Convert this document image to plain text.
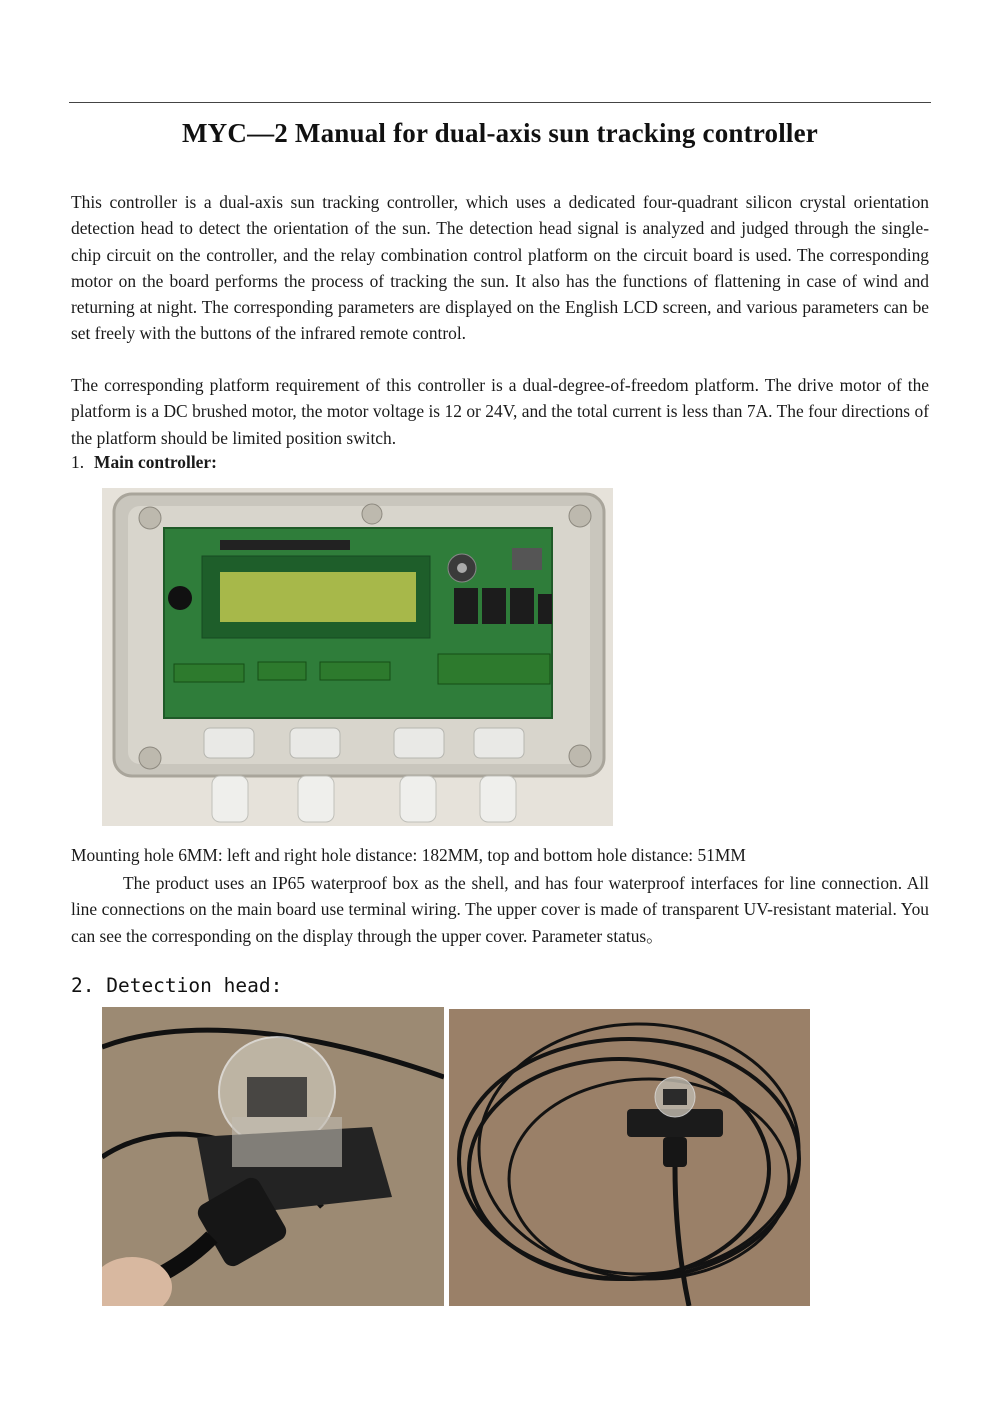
MYC—2 Manual for dual-axis sun tracking controller

This controller is a dual-axis sun tracking controller, which uses a dedicated four-quadrant silicon crystal orientation detection head to detect the orientation of the sun. The detection head signal is analyzed and judged through the single-chip circuit on the controller, and the relay combination control platform on the circuit board is used. The corresponding motor on the board performs the process of tracking the sun. It also has the functions of flattening in case of wind and returning at night. The corresponding parameters are displayed on the English LCD screen, and various parameters can be set freely with the buttons of the infrared remote control.

The corresponding platform requirement of this controller is a dual-degree-of-freedom platform. The drive motor of the platform is a DC brushed motor, the motor voltage is 12 or 24V, and the total current is less than 7A. The four directions of the platform should be limited position switch.

1. Main controller:

Mounting hole 6MM: left and right hole distance: 182MM, top and bottom hole distance: 51MM

The product uses an IP65 waterproof box as the shell, and has four waterproof interfaces for line connection. All line connections on the main board use terminal wiring. The upper cover is made of transparent UV-resistant material. You can see the corresponding on the display through the upper cover. Parameter status。

2. Detection head:
